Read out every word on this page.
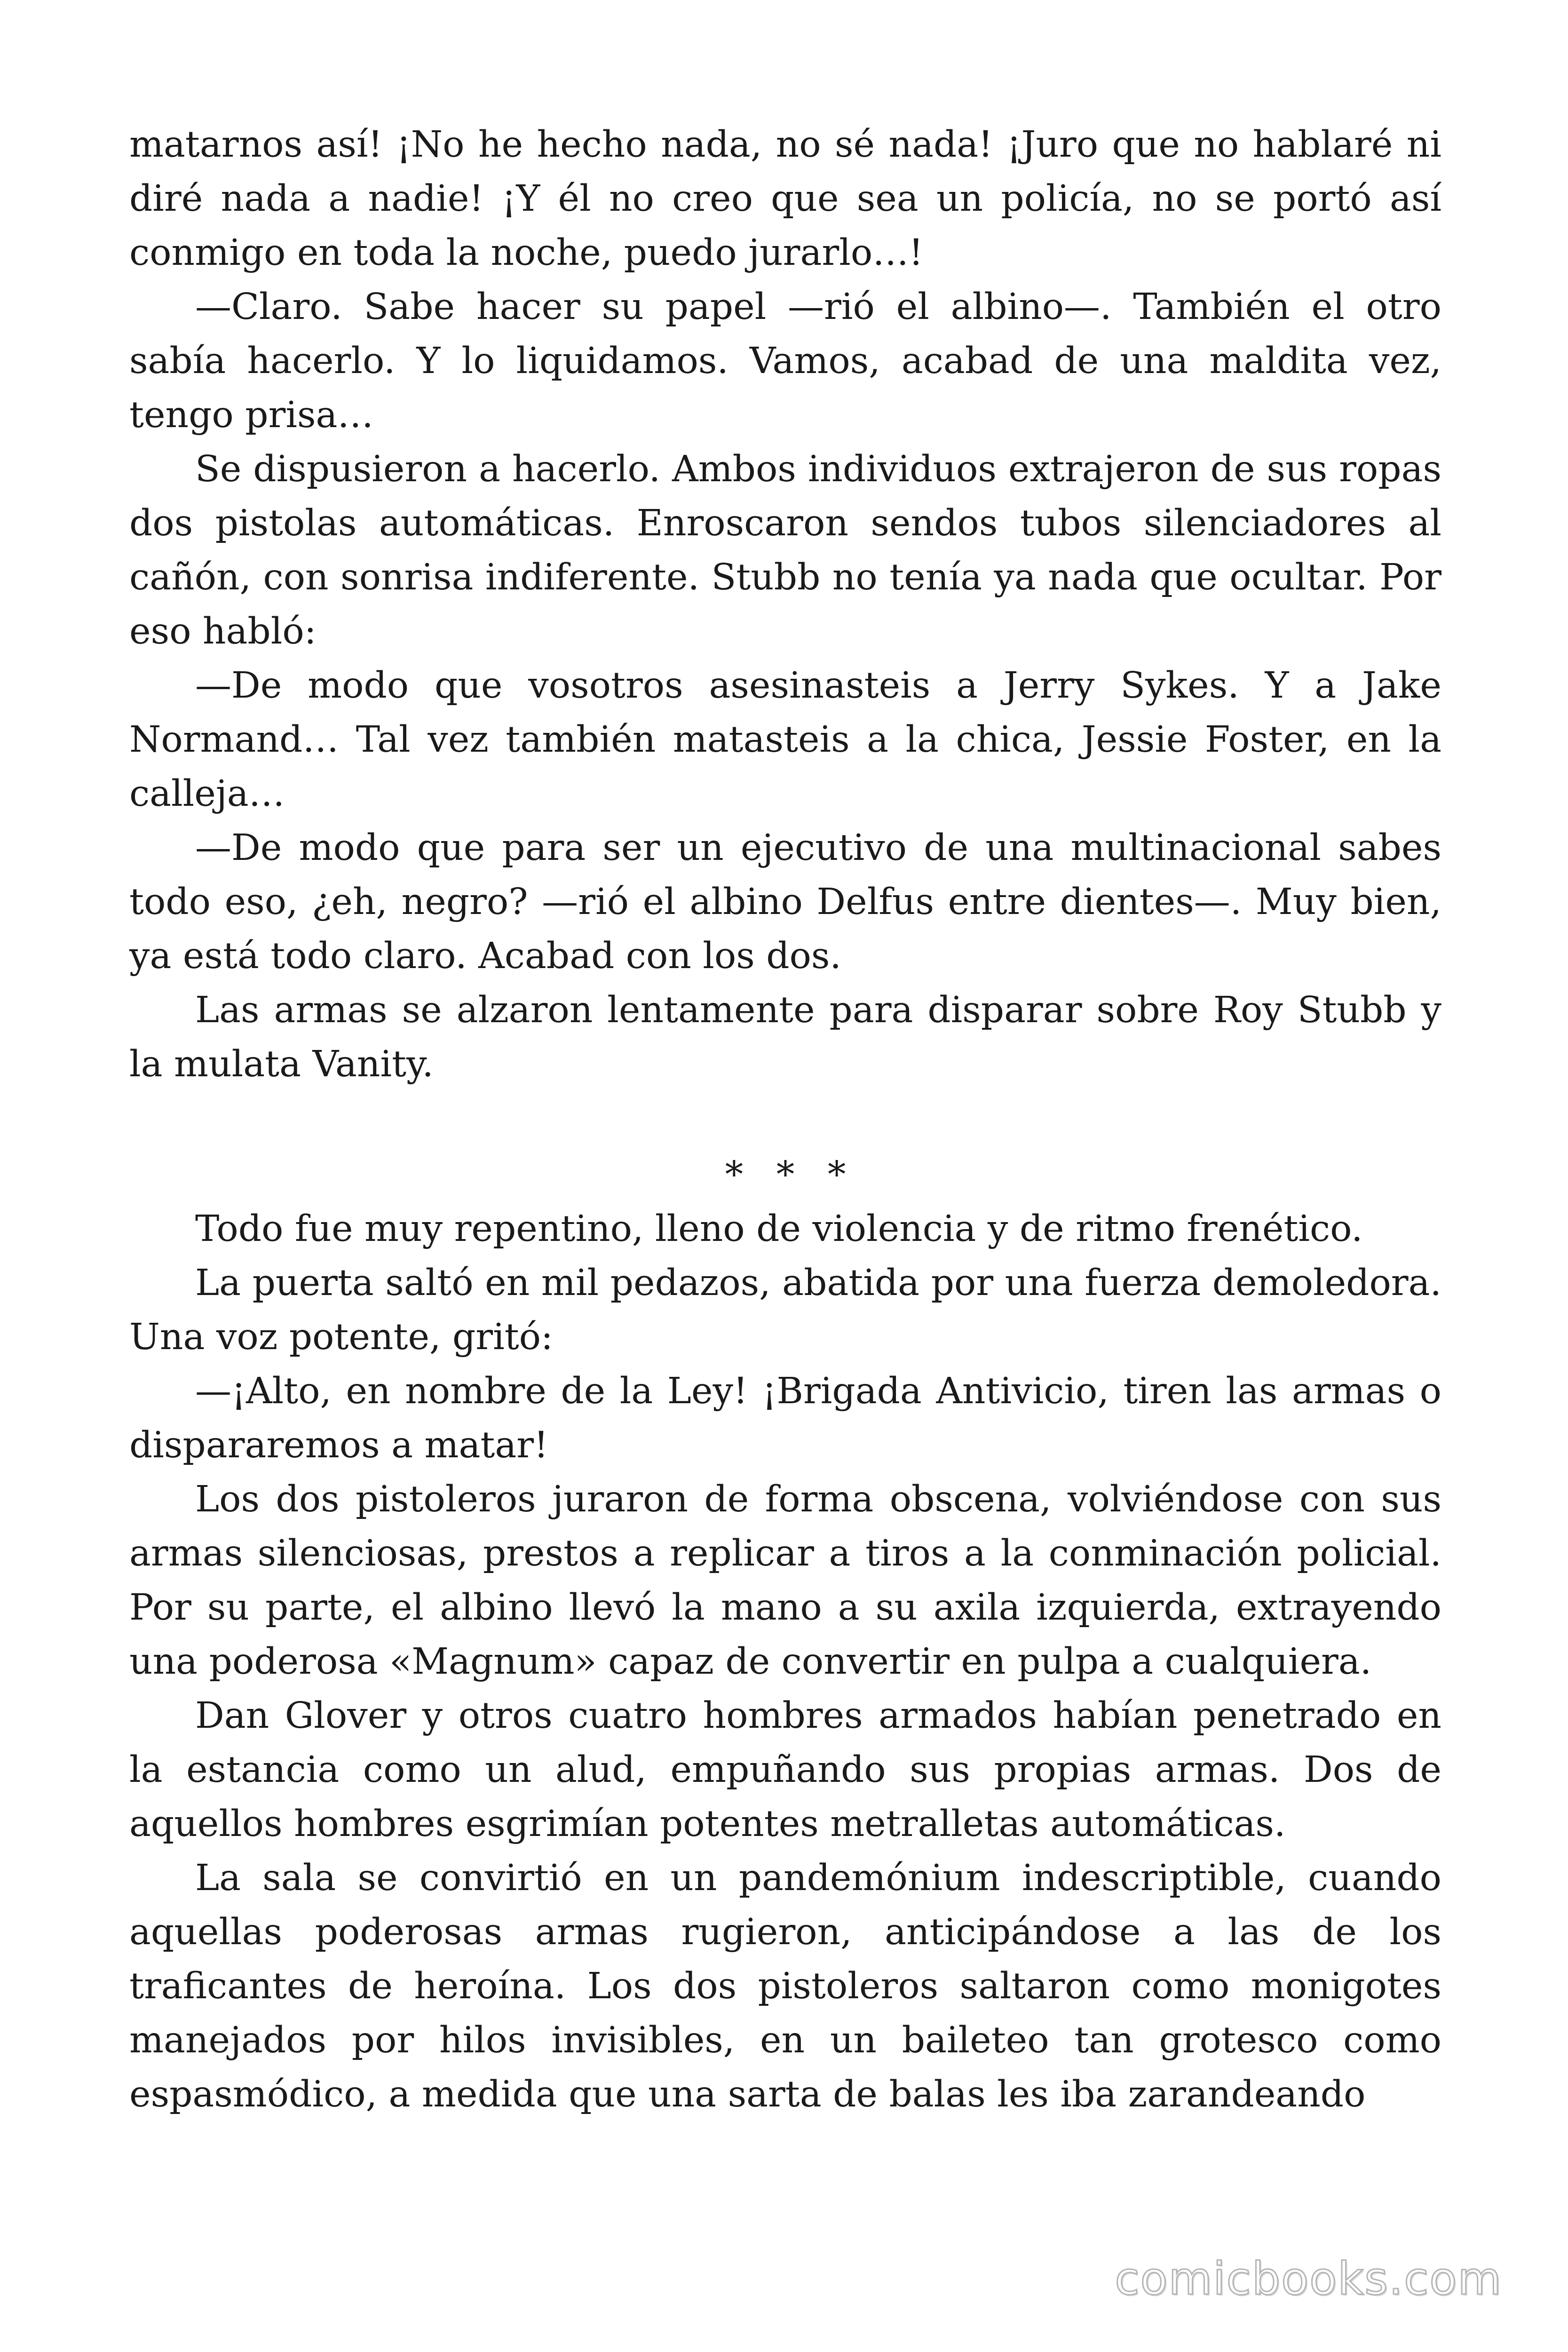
matarnos así! ¡No he hecho nada, no sé nada! ¡Juro que no hablaré ni diré nada a nadie! ¡Y él no creo que sea un policía, no se portó así conmigo en toda la noche, puedo jurarlo…!

—Claro. Sabe hacer su papel —rió el albino—. También el otro sabía hacerlo. Y lo liquidamos. Vamos, acabad de una maldita vez, tengo prisa…

Se dispusieron a hacerlo. Ambos individuos extrajeron de sus ropas dos pistolas automáticas. Enroscaron sendos tubos silenciadores al cañón, con sonrisa indiferente. Stubb no tenía ya nada que ocultar. Por eso habló:

—De modo que vosotros asesinasteis a Jerry Sykes. Y a Jake Normand… Tal vez también matasteis a la chica, Jessie Foster, en la calleja…

—De modo que para ser un ejecutivo de una multinacional sabes todo eso, ¿eh, negro? —rió el albino Delfus entre dientes—. Muy bien, ya está todo claro. Acabad con los dos.

Las armas se alzaron lentamente para disparar sobre Roy Stubb y la mulata Vanity.

* * *

Todo fue muy repentino, lleno de violencia y de ritmo frenético.

La puerta saltó en mil pedazos, abatida por una fuerza demoledora. Una voz potente, gritó:

—¡Alto, en nombre de la Ley! ¡Brigada Antivicio, tiren las armas o dispararemos a matar!

Los dos pistoleros juraron de forma obscena, volviéndose con sus armas silenciosas, prestos a replicar a tiros a la conminación policial. Por su parte, el albino llevó la mano a su axila izquierda, extrayendo una poderosa «Magnum» capaz de convertir en pulpa a cualquiera.

Dan Glover y otros cuatro hombres armados habían penetrado en la estancia como un alud, empuñando sus propias armas. Dos de aquellos hombres esgrimían potentes metralletas automáticas.

La sala se convirtió en un pandemónium indescriptible, cuando aquellas poderosas armas rugieron, anticipándose a las de los traficantes de heroína. Los dos pistoleros saltaron como monigotes manejados por hilos invisibles, en un baileteo tan grotesco como espasmódico, a medida que una sarta de balas les iba zarandeando

comicbooks.com
